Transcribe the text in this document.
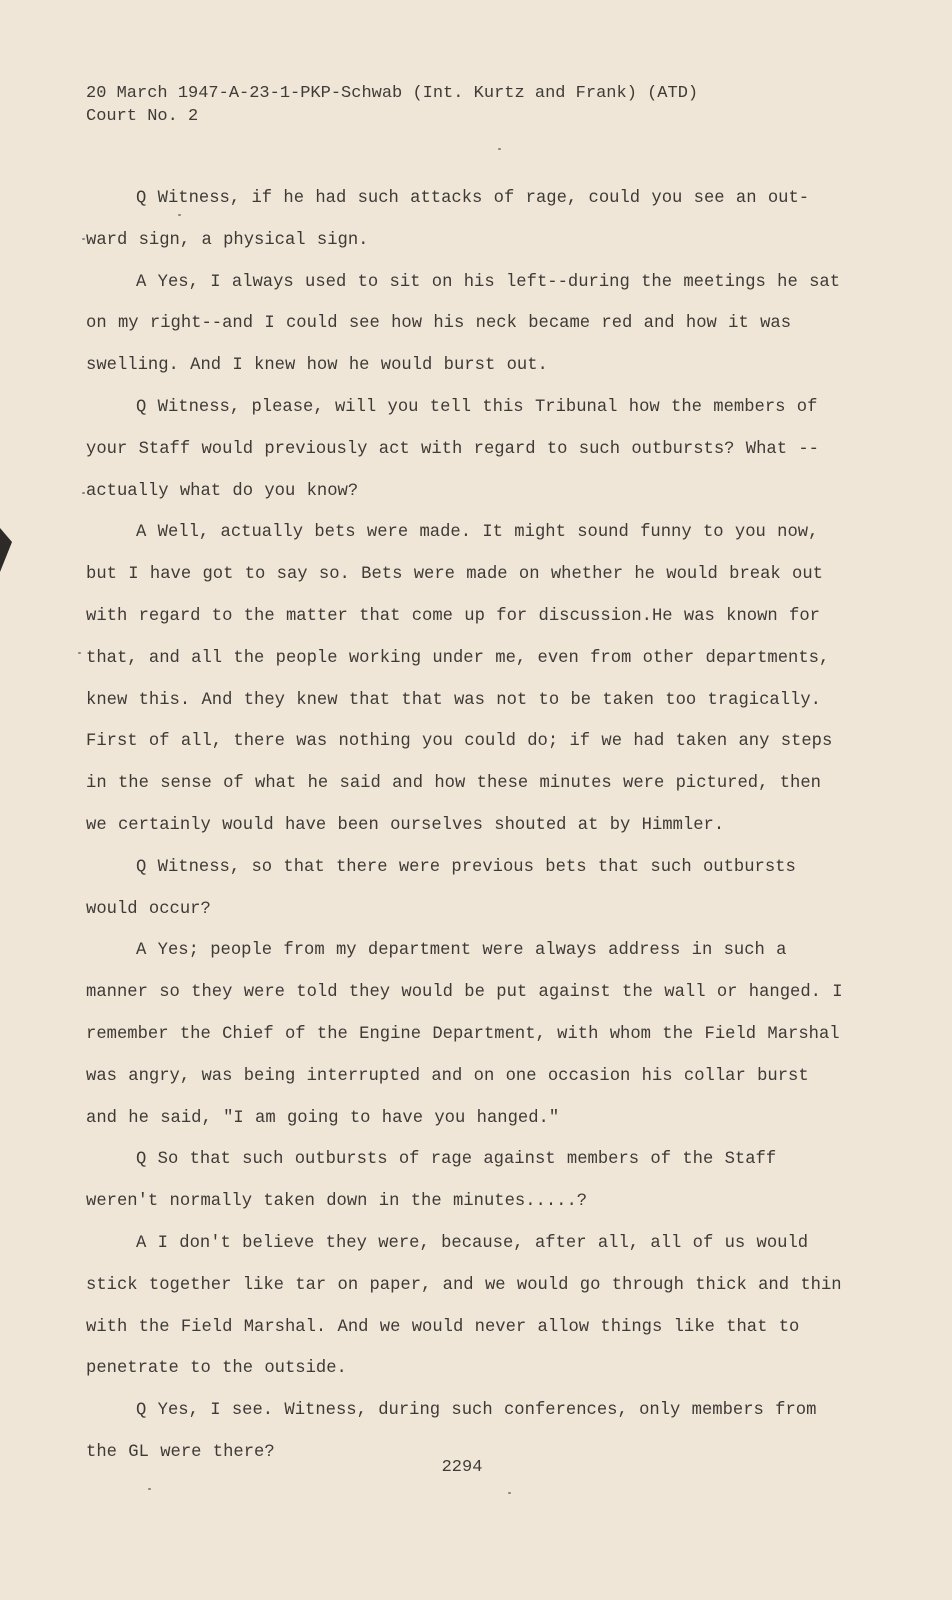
20 March 1947-A-23-1-PKP-Schwab (Int. Kurtz and Frank) (ATD)
Court No. 2

Q Witness, if he had such attacks of rage, could you see an out-ward sign, a physical sign.

A Yes, I always used to sit on his left--during the meetings he sat on my right--and I could see how his neck became red and how it was swelling. And I knew how he would burst out.

Q Witness, please, will you tell this Tribunal how the members of your Staff would previously act with regard to such outbursts? What -- actually what do you know?

A Well, actually bets were made. It might sound funny to you now, but I have got to say so. Bets were made on whether he would break out with regard to the matter that come up for discussion.He was known for that, and all the people working under me, even from other departments, knew this. And they knew that that was not to be taken too tragically. First of all, there was nothing you could do; if we had taken any steps in the sense of what he said and how these minutes were pictured, then we certainly would have been ourselves shouted at by Himmler.

Q Witness, so that there were previous bets that such outbursts would occur?

A Yes; people from my department were always address in such a manner so they were told they would be put against the wall or hanged. I remember the Chief of the Engine Department, with whom the Field Marshal was angry, was being interrupted and on one occasion his collar burst and he said, "I am going to have you hanged."

Q So that such outbursts of rage against members of the Staff weren't normally taken down in the minutes.....?

A I don't believe they were, because, after all, all of us would stick together like tar on paper, and we would go through thick and thin with the Field Marshal. And we would never allow things like that to penetrate to the outside.

Q Yes, I see. Witness, during such conferences, only members from the GL were there?

2294
